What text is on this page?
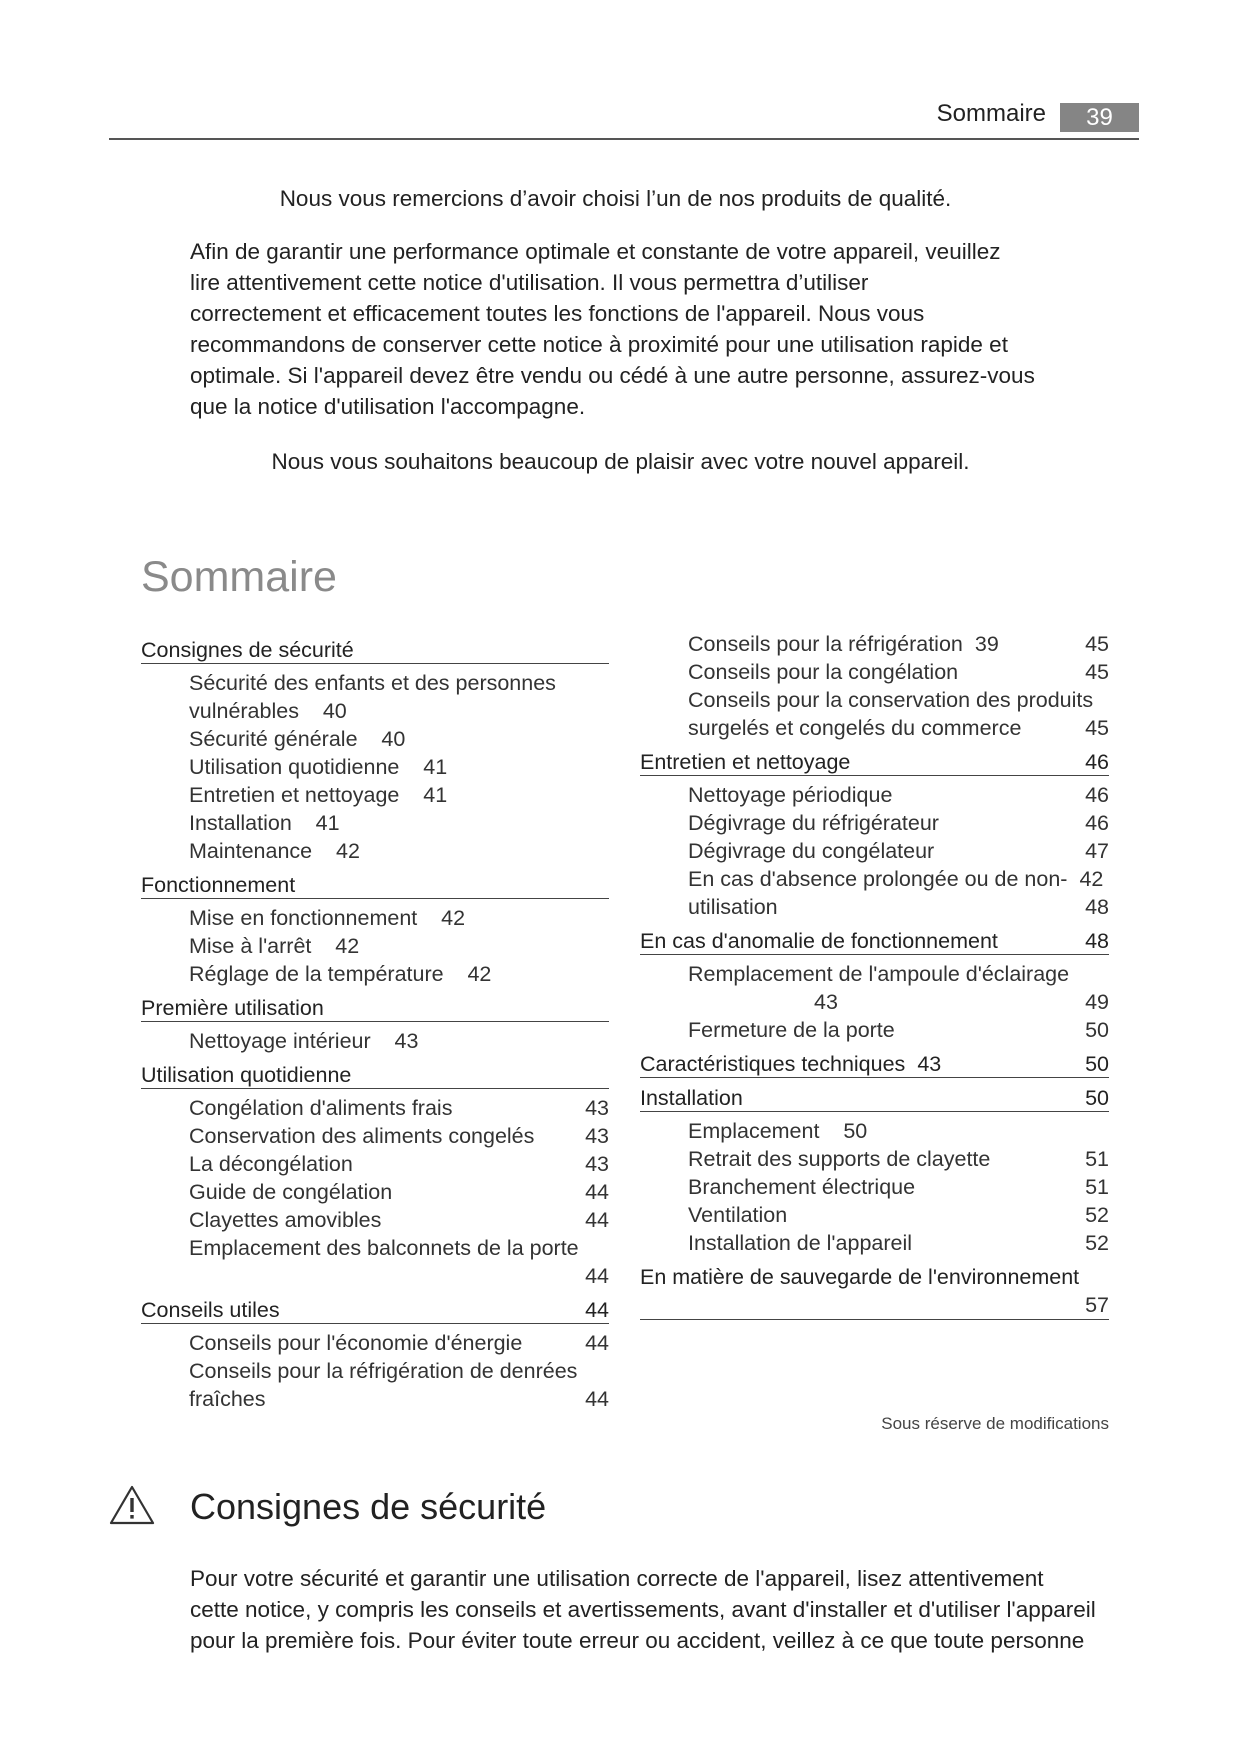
Sommaire	39
Nous vous remercions d’avoir choisi l’un de nos produits de qualité.
Afin de garantir une performance optimale et constante de votre appareil, veuillez
lire attentivement cette notice d'utilisation. Il vous permettra d’utiliser
correctement et efficacement toutes les fonctions de l'appareil. Nous vous
recommandons de conserver cette notice à proximité pour une utilisation rapide et
optimale. Si l'appareil devez être vendu ou cédé à une autre personne, assurez-vous
que la notice d'utilisation l'accompagne.
Nous vous souhaitons beaucoup de plaisir avec votre nouvel appareil.
Sommaire
Consignes de sécurité
Sécurité des enfants et des personnes
vulnérables    40
Sécurité générale    40
Utilisation quotidienne    41
Entretien et nettoyage    41
Installation    41
Maintenance    42
Fonctionnement
Mise en fonctionnement    42
Mise à l'arrêt    42
Réglage de la température    42
Première utilisation
Nettoyage intérieur    43
Utilisation quotidienne
Congélation d'aliments frais	43
Conservation des aliments congelés 43
La décongélation	43
Guide de congélation	44
Clayettes amovibles	44
Emplacement des balconnets de la porte
44
Conseils utiles	44
Conseils pour l'économie d'énergie	44
Conseils pour la réfrigération de denrées
fraîches	44
Conseils pour la réfrigération 39	45
Conseils pour la congélation	45
Conseils pour la conservation des produits
surgelés et congelés du commerce	45
Entretien et nettoyage	46
Nettoyage périodique	46
Dégivrage du réfrigérateur	46
Dégivrage du congélateur	47
En cas d'absence prolongée ou de non- 42
utilisation	48
En cas d'anomalie de fonctionnement	48
Remplacement de l'ampoule d'éclairage
43	49
Fermeture de la porte	50
Caractéristiques techniques 43	50
Installation	50
Emplacement    50
Retrait des supports de clayette	51
Branchement électrique	51
Ventilation	52
Installation de l'appareil	52
En matière de sauvegarde de l'environnement
57
Sous réserve de modifications
Consignes de sécurité
Pour votre sécurité et garantir une utilisation correcte de l'appareil, lisez attentivement
cette notice, y compris les conseils et avertissements, avant d'installer et d'utiliser l'appareil
pour la première fois. Pour éviter toute erreur ou accident, veillez à ce que toute personne
